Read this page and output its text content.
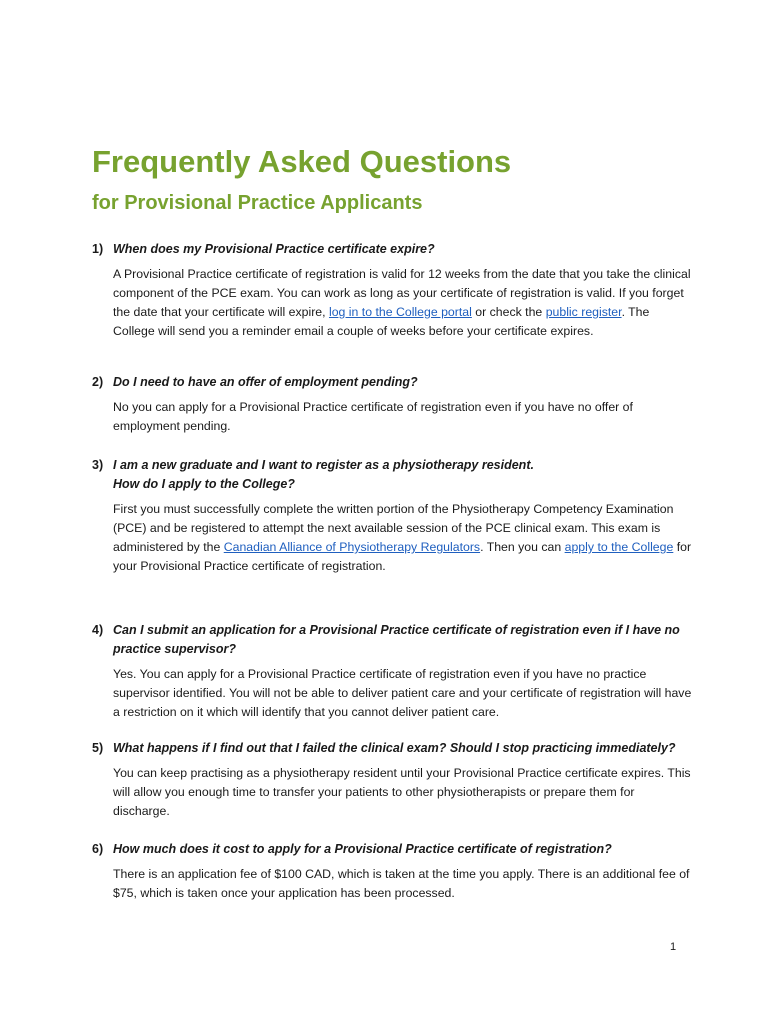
Frequently Asked Questions
for Provisional Practice Applicants

1) When does my Provisional Practice certificate expire?

A Provisional Practice certificate of registration is valid for 12 weeks from the date that you take the clinical component of the PCE exam. You can work as long as your certificate of registration is valid. If you forget the date that your certificate will expire, log in to the College portal or check the public register. The College will send you a reminder email a couple of weeks before your certificate expires.

2) Do I need to have an offer of employment pending?

No you can apply for a Provisional Practice certificate of registration even if you have no offer of employment pending.

3) I am a new graduate and I want to register as a physiotherapy resident.
How do I apply to the College?

First you must successfully complete the written portion of the Physiotherapy Competency Examination (PCE) and be registered to attempt the next available session of the PCE clinical exam. This exam is administered by the Canadian Alliance of Physiotherapy Regulators. Then you can apply to the College for your Provisional Practice certificate of registration.

4) Can I submit an application for a Provisional Practice certificate of registration even if I have no practice supervisor?

Yes. You can apply for a Provisional Practice certificate of registration even if you have no practice supervisor identified. You will not be able to deliver patient care and your certificate of registration will have a restriction on it which will identify that you cannot deliver patient care.

5) What happens if I find out that I failed the clinical exam? Should I stop practicing immediately?

You can keep practising as a physiotherapy resident until your Provisional Practice certificate expires. This will allow you enough time to transfer your patients to other physiotherapists or prepare them for discharge.

6) How much does it cost to apply for a Provisional Practice certificate of registration?

There is an application fee of $100 CAD, which is taken at the time you apply. There is an additional fee of $75, which is taken once your application has been processed.

1
